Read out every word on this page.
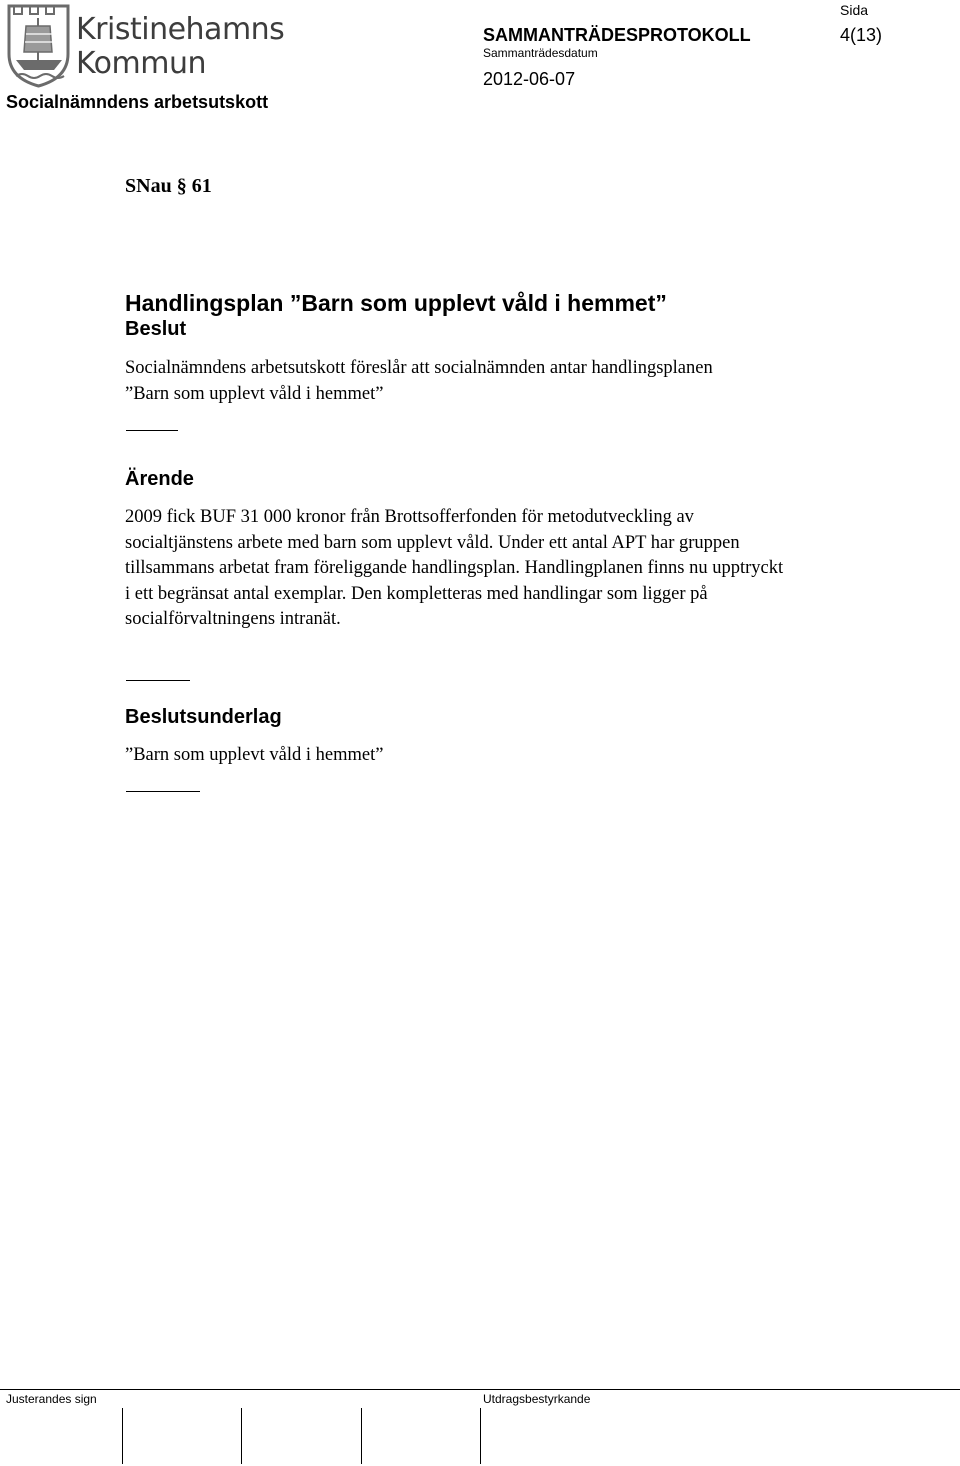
Kristinehamns
Kommun
Socialnämndens arbetsutskott
SAMMANTRÄDESPROTOKOLL
Sammanträdesdatum
2012-06-07
Sida
4(13)
SNau § 61
Handlingsplan ”Barn som upplevt våld i hemmet”
Beslut
Socialnämndens arbetsutskott föreslår att socialnämnden antar handlingsplanen
”Barn som upplevt våld i hemmet”
Ärende
2009 fick BUF 31 000 kronor från Brottsofferfonden för metodutveckling av
socialtjänstens arbete med barn som upplevt våld. Under ett antal APT har gruppen
tillsammans arbetat fram föreliggande handlingsplan. Handlingplanen finns nu upptryckt
i ett begränsat antal exemplar. Den kompletteras med handlingar som ligger på
socialförvaltningens intranät.
Beslutsunderlag
”Barn som upplevt våld i hemmet”
Justerandes sign	Utdragsbestyrkande
